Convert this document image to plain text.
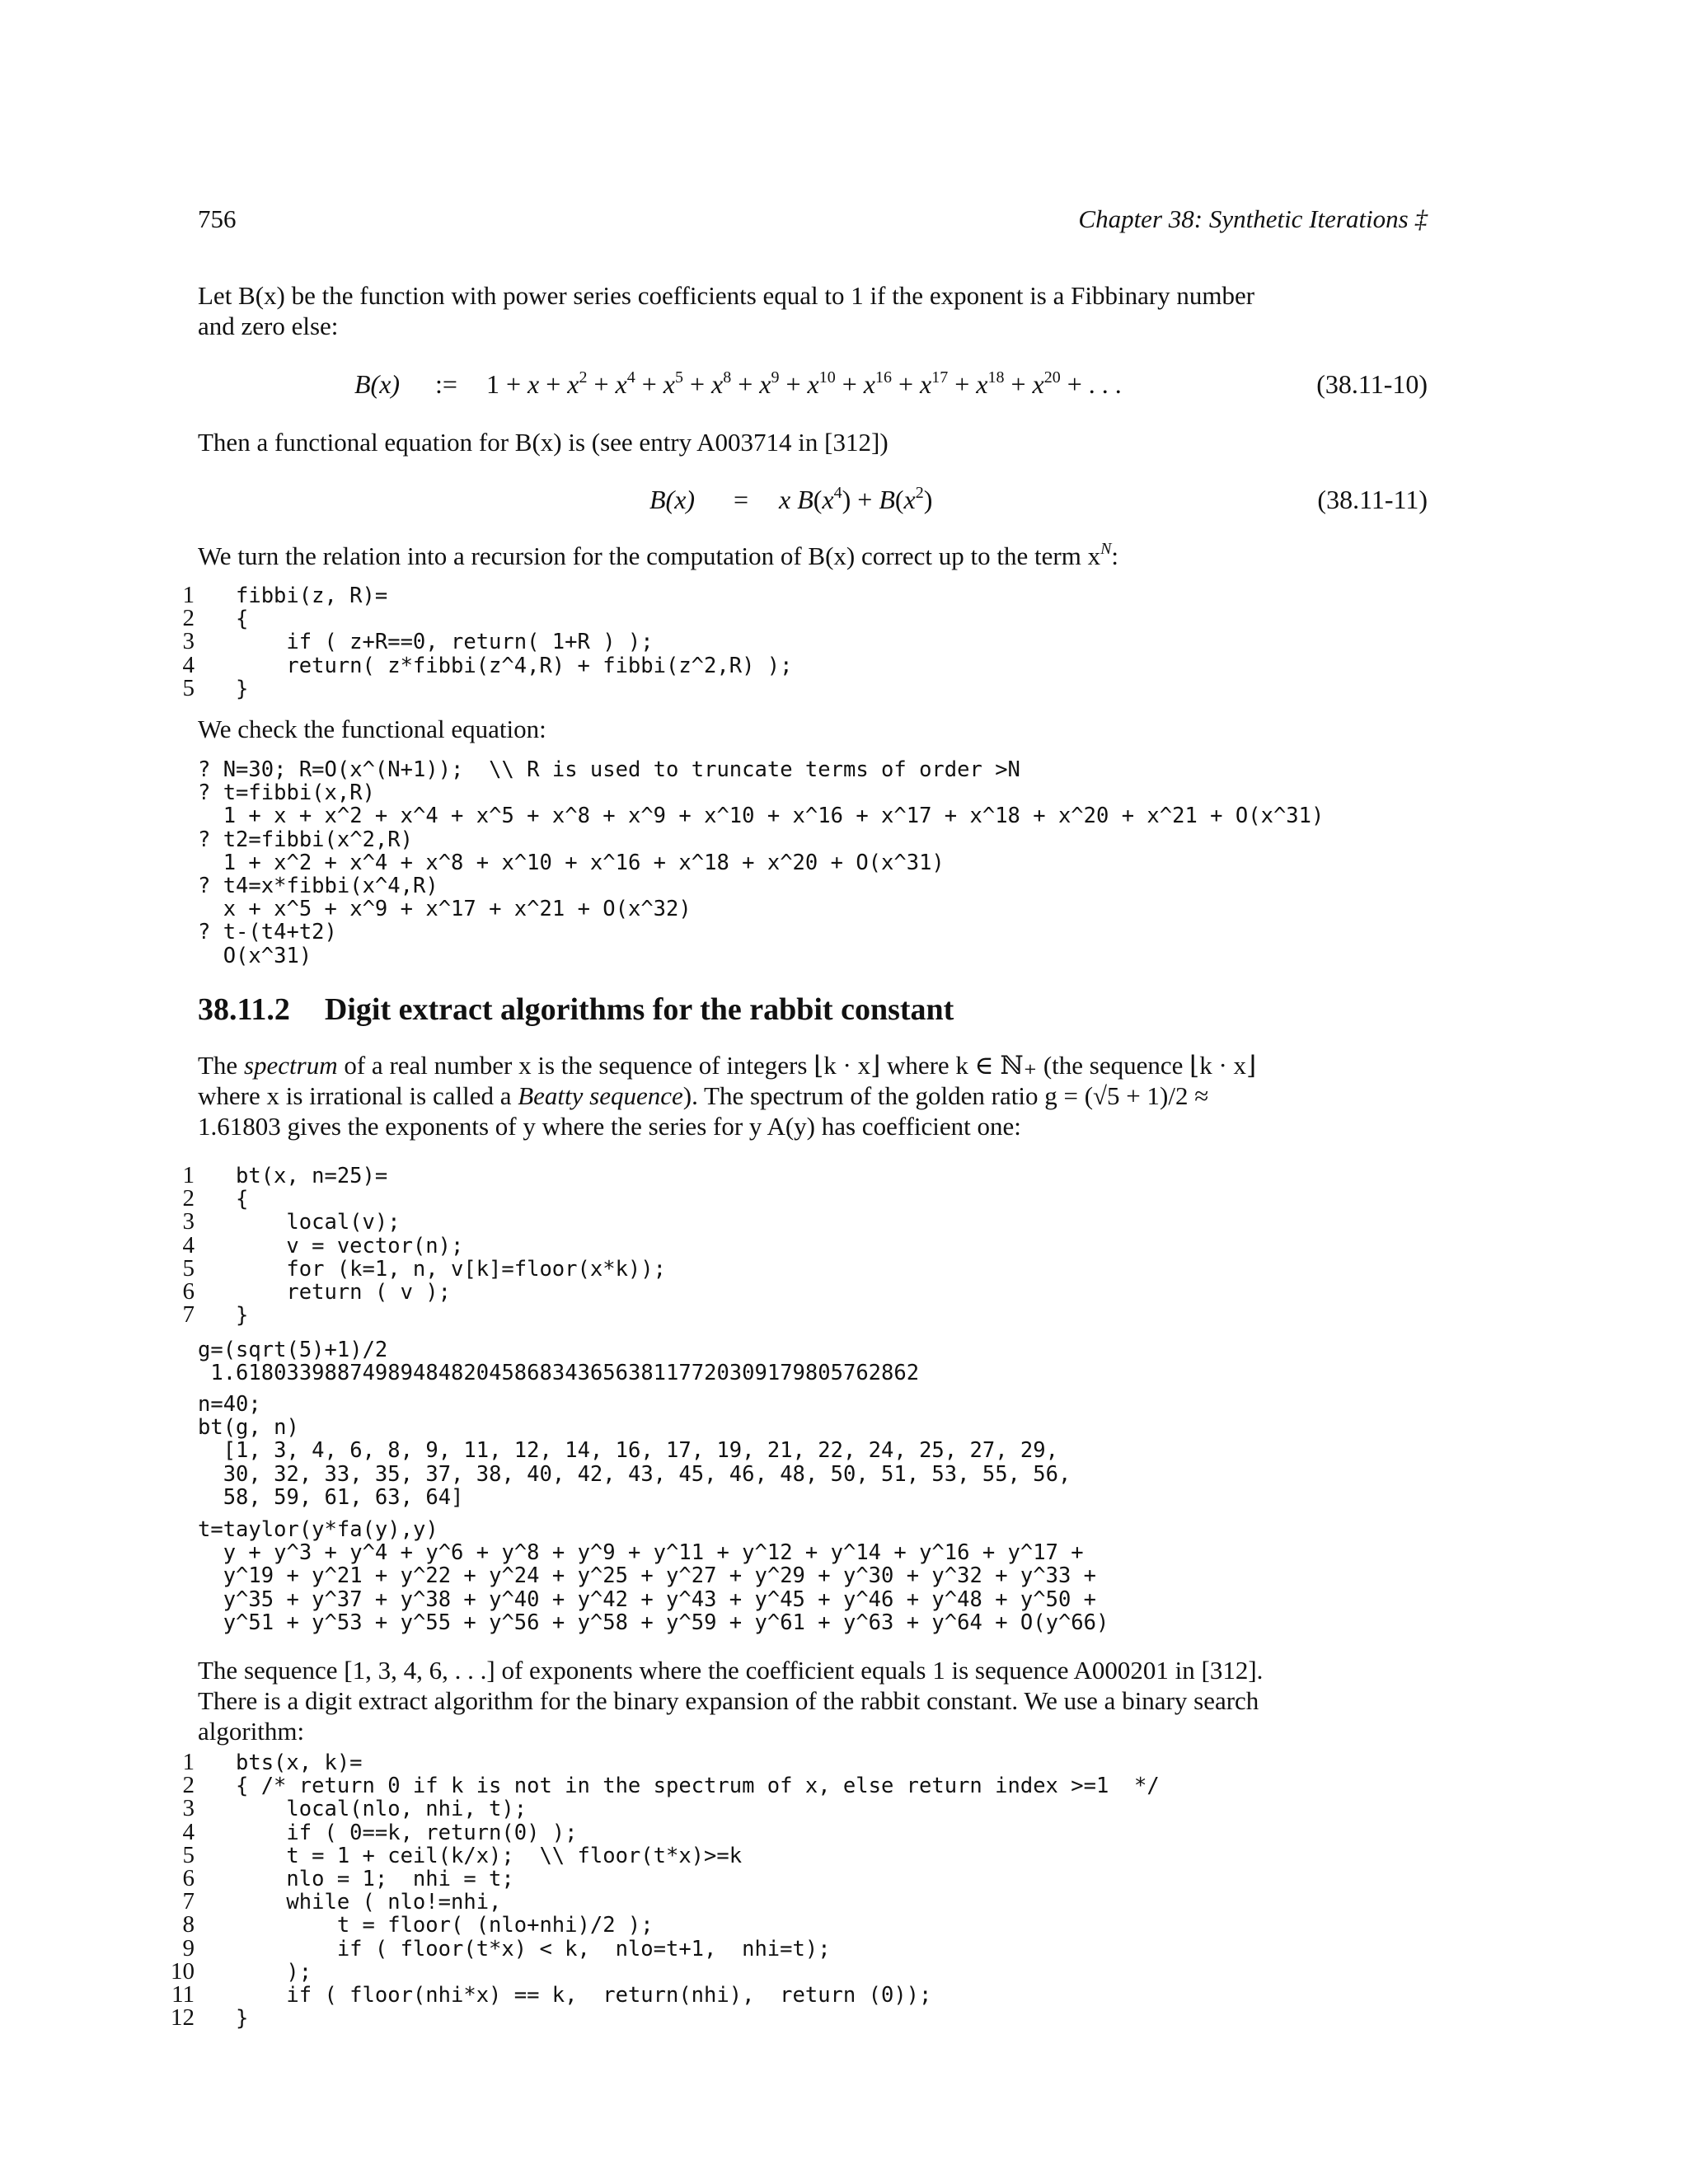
756	Chapter 38: Synthetic Iterations ‡
Let B(x) be the function with power series coefficients equal to 1 if the exponent is a Fibbinary number
and zero else:
B(x) := $1 + x + x^2 + x^4 + x^5 + x^8 + x^9 + x^{10} + x^{16} + x^{17} + x^{18} + x^{20}$ + . . .	(38.11-10)
Then a functional equation for B(x) is (see entry A003714 in [312])
B(x) = x $B(x^4) + B(x^2)$	(38.11-11)
We turn the relation into a recursion for the computation of B(x) correct up to the term $x^N$:
1 fibbi(z, R)=
2 {
3    if ( z+R==0, return( 1+R ) );
4    return( z*fibbi(z^4,R) + fibbi(z^2,R) );
5 }
We check the functional equation:
? N=30; R=O(x^(N+1));  \\ R is used to truncate terms of order >N
? t=fibbi(x,R)
1 + x + x^2 + x^4 + x^5 + x^8 + x^9 + x^10 + x^16 + x^17 + x^18 + x^20 + x^21 + O(x^31)
? t2=fibbi(x^2,R)
1 + x^2 + x^4 + x^8 + x^10 + x^16 + x^18 + x^20 + O(x^31)
? t4=x*fibbi(x^4,R)
x + x^5 + x^9 + x^17 + x^21 + O(x^32)
? t-(t4+t2)
O(x^31)
38.11.2 Digit extract algorithms for the rabbit constant
The spectrum of a real number x is the sequence of integers ⌊k · x⌋ where k ∈ ℕ₊ (the sequence ⌊k · x⌋
where x is irrational is called a Beatty sequence). The spectrum of the golden ratio g = (√5 + 1)/2 ≈
1.61803 gives the exponents of y where the series for y A(y) has coefficient one:
1 bt(x, n=25)=
2 {
3    local(v);
4    v = vector(n);
5    for (k=1, n, v[k]=floor(x*k));
6    return ( v );
7 }
g=(sqrt(5)+1)/2
1.618033988749894848204586834365638117720309179805762862
n=40;
bt(g, n)
[1, 3, 4, 6, 8, 9, 11, 12, 14, 16, 17, 19, 21, 22, 24, 25, 27, 29,
30, 32, 33, 35, 37, 38, 40, 42, 43, 45, 46, 48, 50, 51, 53, 55, 56,
58, 59, 61, 63, 64]
t=taylor(y*fa(y),y)
y + y^3 + y^4 + y^6 + y^8 + y^9 + y^11 + y^12 + y^14 + y^16 + y^17 +
y^19 + y^21 + y^22 + y^24 + y^25 + y^27 + y^29 + y^30 + y^32 + y^33 +
y^35 + y^37 + y^38 + y^40 + y^42 + y^43 + y^45 + y^46 + y^48 + y^50 +
y^51 + y^53 + y^55 + y^56 + y^58 + y^59 + y^61 + y^63 + y^64 + O(y^66)
The sequence [1, 3, 4, 6, . . .] of exponents where the coefficient equals 1 is sequence A000201 in [312].
There is a digit extract algorithm for the binary expansion of the rabbit constant. We use a binary search
algorithm:
1 bts(x, k)=
2 { /* return 0 if k is not in the spectrum of x, else return index >=1  */
3    local(nlo, nhi, t);
4    if ( 0==k, return(0) );
5    t = 1 + ceil(k/x);  \\ floor(t*x)>=k
6    nlo = 1;  nhi = t;
7    while ( nlo!=nhi,
8        t = floor( (nlo+nhi)/2 );
9        if ( floor(t*x) < k,  nlo=t+1,  nhi=t);
10    );
11    if ( floor(nhi*x) == k,  return(nhi),  return (0));
12 }
